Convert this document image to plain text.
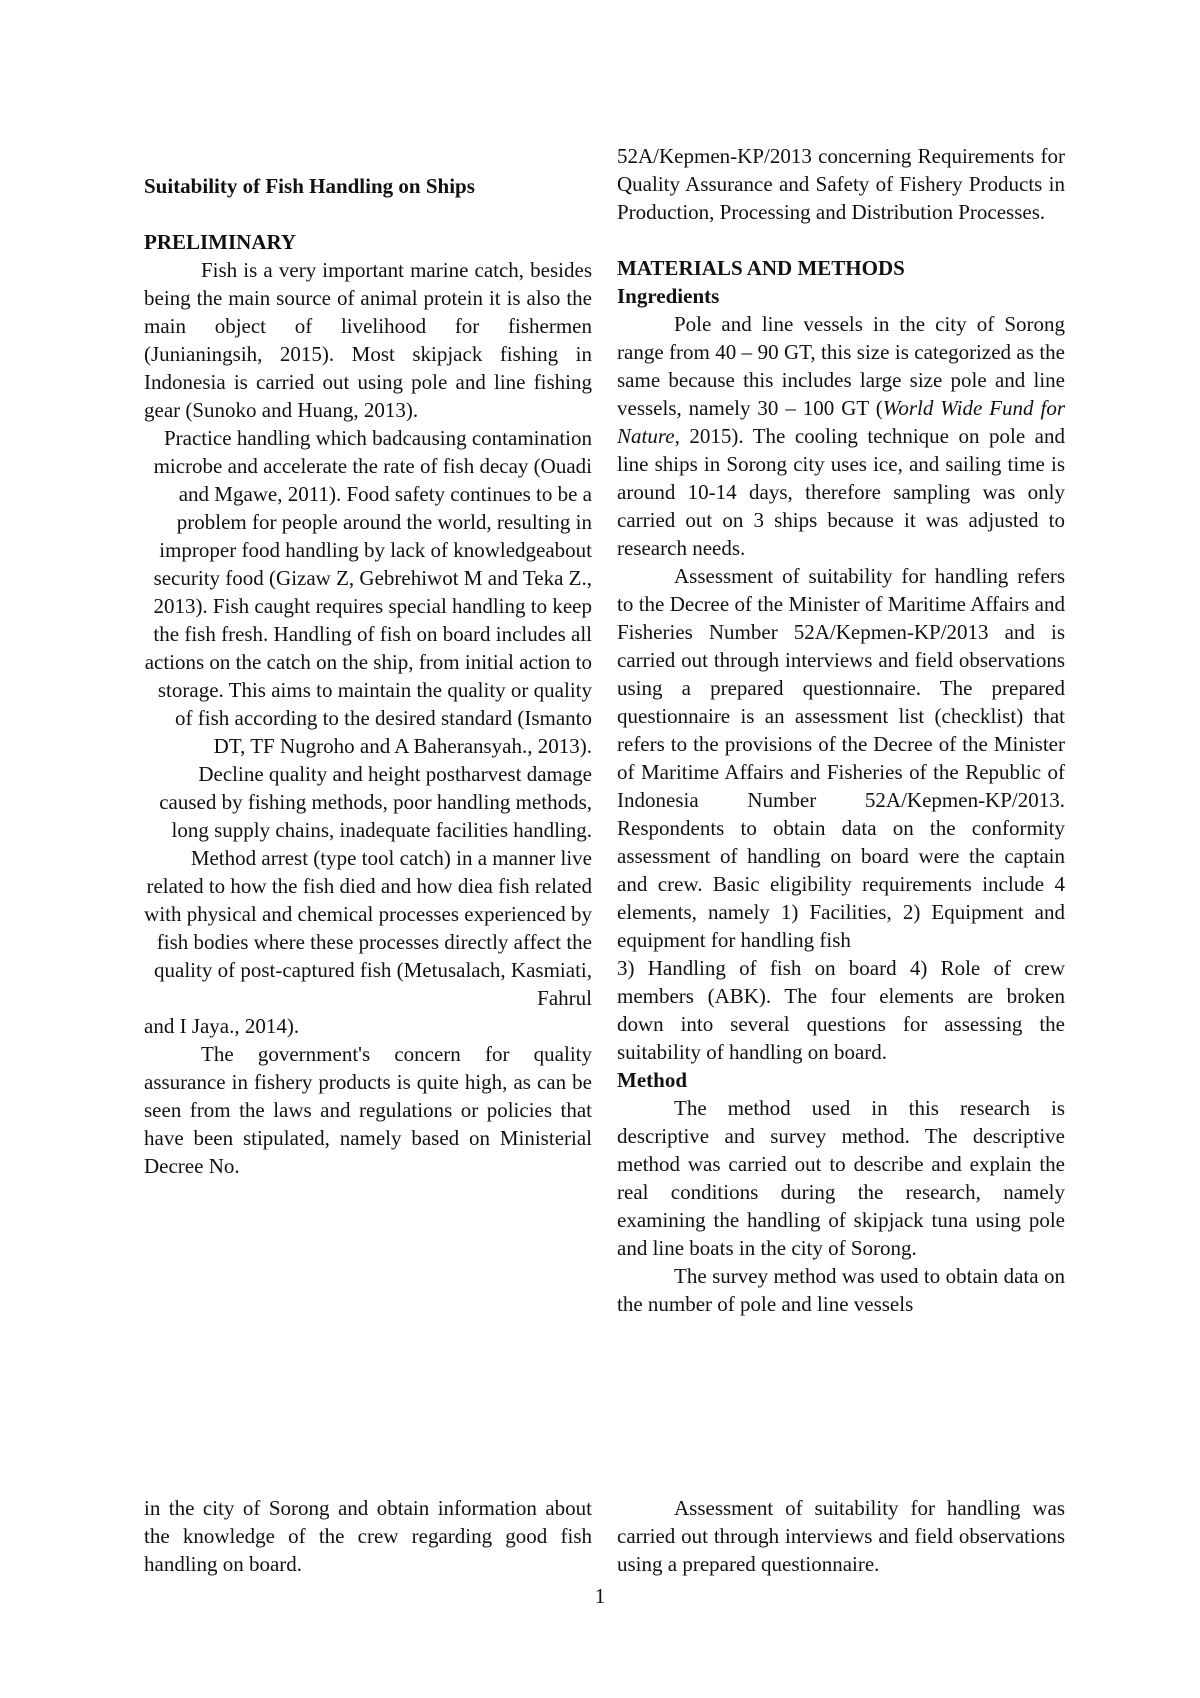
Suitability of Fish Handling on Ships

PRELIMINARY

Fish is a very important marine catch, besides being the main source of animal protein it is also the main object of livelihood for fishermen (Junianingsih, 2015). Most skipjack fishing in Indonesia is carried out using pole and line fishing gear (Sunoko and Huang, 2013).

Practice handling which badcausing contamination microbe and accelerate the rate of fish decay (Ouadi and Mgawe, 2011). Food safety continues to be a problem for people around the world, resulting in improper food handling by lack of knowledgeabout security food (Gizaw Z, Gebrehiwot M and Teka Z., 2013). Fish caught requires special handling to keep the fish fresh. Handling of fish on board includes all actions on the catch on the ship, from initial action to storage. This aims to maintain the quality or quality of fish according to the desired standard (Ismanto DT, TF Nugroho and A Baheransyah., 2013). Decline quality and height postharvest damage caused by fishing methods, poor handling methods, long supply chains, inadequate facilities handling. Method arrest (type tool catch) in a manner live related to how the fish died and how diea fish related with physical and chemical processes experienced by fish bodies where these processes directly affect the quality of post-captured fish (Metusalach, Kasmiati, Fahrul

and I Jaya., 2014).

The government's concern for quality assurance in fishery products is quite high, as can be seen from the laws and regulations or policies that have been stipulated, namely based on Ministerial Decree No.

in the city of Sorong and obtain information about the knowledge of the crew regarding good fish handling on board.

52A/Kepmen-KP/2013 concerning Requirements for Quality Assurance and Safety of Fishery Products in Production, Processing and Distribution Processes.

MATERIALS AND METHODS

Ingredients

Pole and line vessels in the city of Sorong range from 40 – 90 GT, this size is categorized as the same because this includes large size pole and line vessels, namely 30 – 100 GT (World Wide Fund for Nature, 2015). The cooling technique on pole and line ships in Sorong city uses ice, and sailing time is around 10-14 days, therefore sampling was only carried out on 3 ships because it was adjusted to research needs.

Assessment of suitability for handling refers to the Decree of the Minister of Maritime Affairs and Fisheries Number 52A/Kepmen-KP/2013 and is carried out through interviews and field observations using a prepared questionnaire. The prepared questionnaire is an assessment list (checklist) that refers to the provisions of the Decree of the Minister of Maritime Affairs and Fisheries of the Republic of Indonesia Number 52A/Kepmen-KP/2013. Respondents to obtain data on the conformity assessment of handling on board were the captain and crew. Basic eligibility requirements include 4 elements, namely 1) Facilities, 2) Equipment and equipment for handling fish

3) Handling of fish on board 4) Role of crew members (ABK). The four elements are broken down into several questions for assessing the suitability of handling on board.

Method

The method used in this research is descriptive and survey method. The descriptive method was carried out to describe and explain the real conditions during the research, namely examining the handling of skipjack tuna using pole and line boats in the city of Sorong.

The survey method was used to obtain data on the number of pole and line vessels

Assessment of suitability for handling was carried out through interviews and field observations using a prepared questionnaire.
1
